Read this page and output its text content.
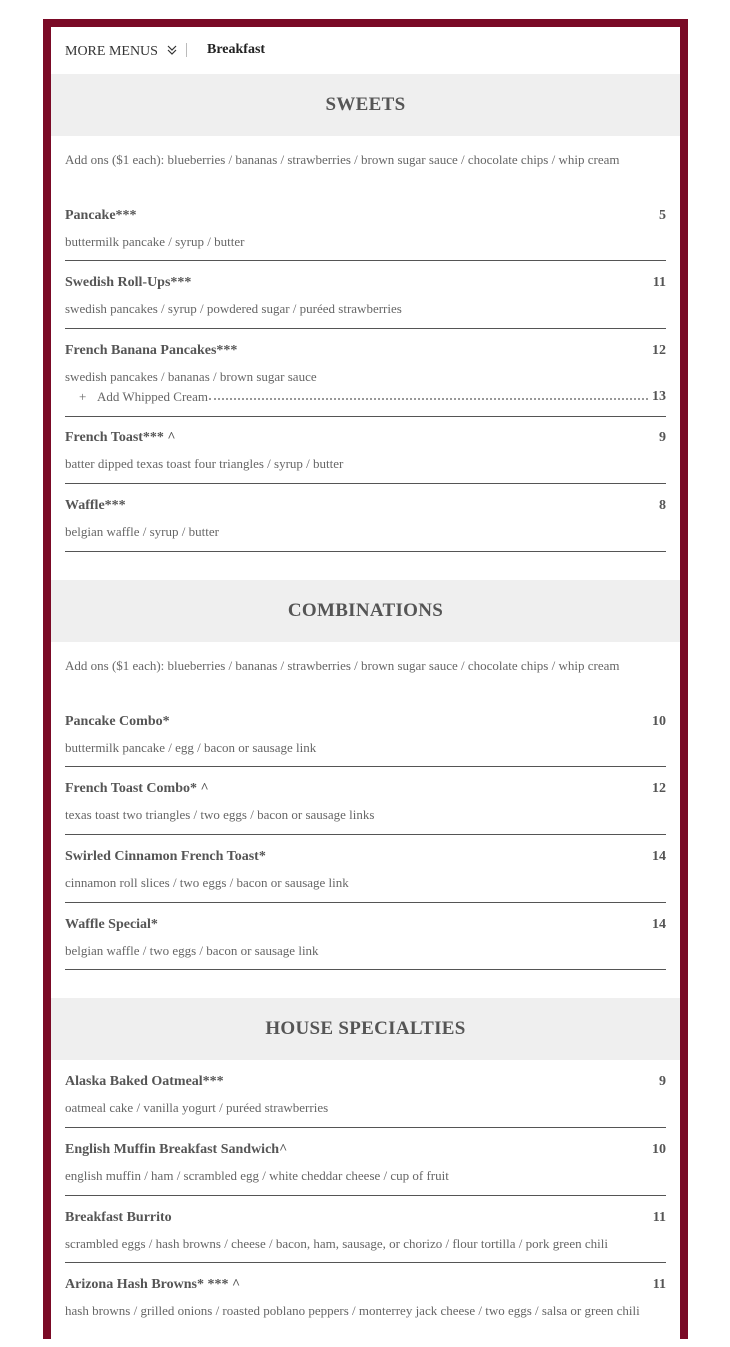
MORE MENUS	Breakfast
SWEETS
Add ons ($1 each): blueberries / bananas / strawberries / brown sugar sauce / chocolate chips / whip cream
Pancake***	5
buttermilk pancake / syrup / butter
Swedish Roll-Ups***	11
swedish pancakes / syrup / powdered sugar / puréed strawberries
French Banana Pancakes***	12
swedish pancakes / bananas / brown sugar sauce
+ Add Whipped Cream	13
French Toast*** ^	9
batter dipped texas toast four triangles / syrup / butter
Waffle***	8
belgian waffle / syrup / butter
COMBINATIONS
Add ons ($1 each): blueberries / bananas / strawberries / brown sugar sauce / chocolate chips / whip cream
Pancake Combo*	10
buttermilk pancake / egg / bacon or sausage link
French Toast Combo* ^	12
texas toast two triangles / two eggs / bacon or sausage links
Swirled Cinnamon French Toast*	14
cinnamon roll slices / two eggs / bacon or sausage link
Waffle Special*	14
belgian waffle / two eggs / bacon or sausage link
HOUSE SPECIALTIES
Alaska Baked Oatmeal***	9
oatmeal cake / vanilla yogurt / puréed strawberries
English Muffin Breakfast Sandwich^	10
english muffin / ham / scrambled egg / white cheddar cheese / cup of fruit
Breakfast Burrito	11
scrambled eggs / hash browns / cheese / bacon, ham, sausage, or chorizo / flour tortilla / pork green chili
Arizona Hash Browns* *** ^	11
hash browns / grilled onions / roasted poblano peppers / monterrey jack cheese / two eggs / salsa or green chili
